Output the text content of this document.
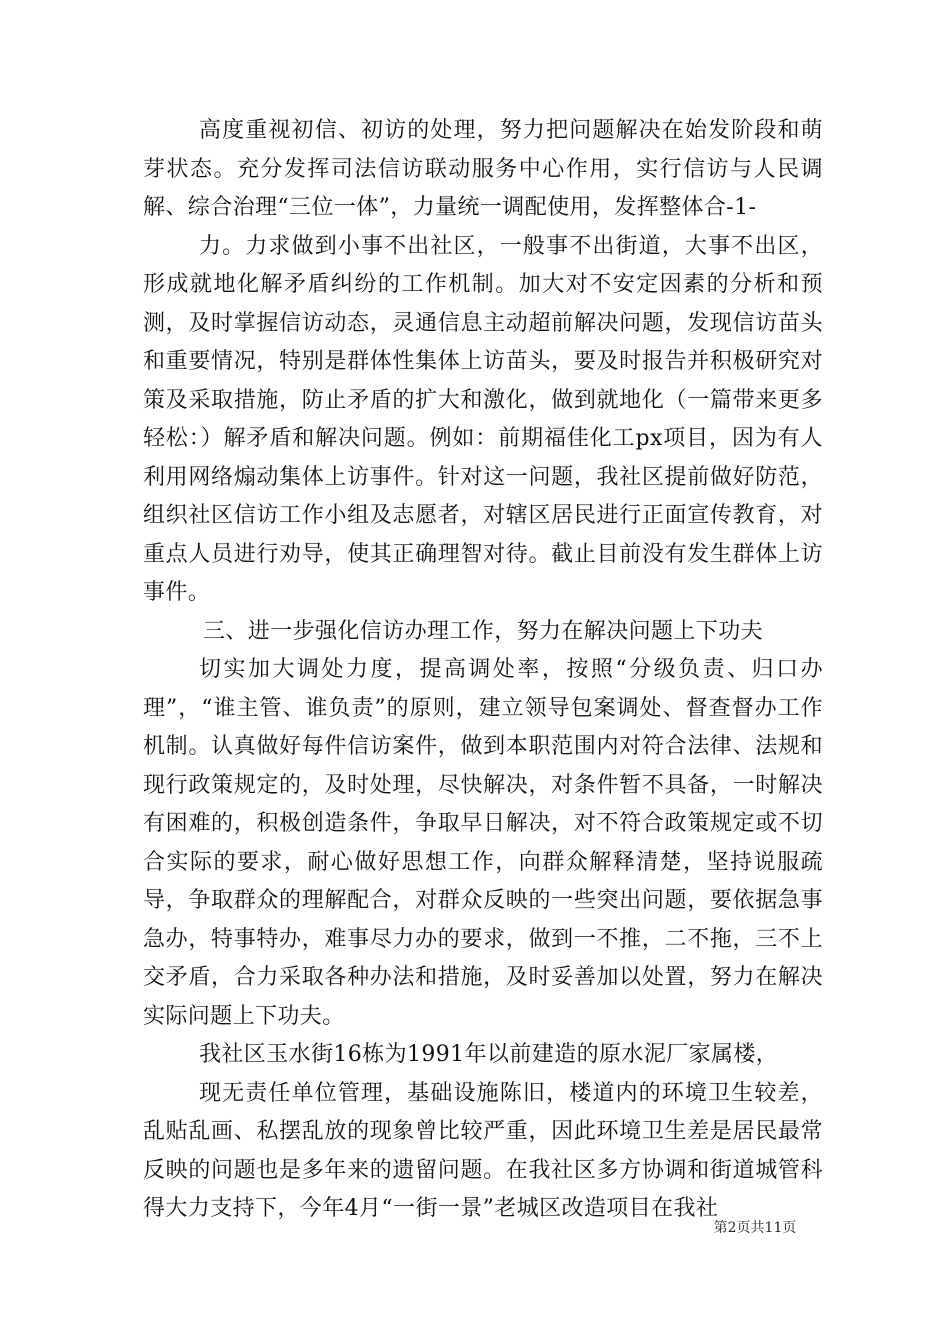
高度重视初信、初访的处理，努力把问题解决在始发阶段和萌芽状态。充分发挥司法信访联动服务中心作用，实行信访与人民调解、综合治理“三位一体”，力量统一调配使用，发挥整体合-1-

力。力求做到小事不出社区，一般事不出街道，大事不出区，形成就地化解矛盾纠纷的工作机制。加大对不安定因素的分析和预测，及时掌握信访动态，灵通信息主动超前解决问题，发现信访苗头和重要情况，特别是群体性集体上访苗头，要及时报告并积极研究对策及采取措施，防止矛盾的扩大和激化，做到就地化（一篇带来更多轻松：）解矛盾和解决问题。例如：前期福佳化工px项目，因为有人利用网络煽动集体上访事件。针对这一问题，我社区提前做好防范，组织社区信访工作小组及志愿者，对辖区居民进行正面宣传教育，对重点人员进行劝导，使其正确理智对待。截止目前没有发生群体上访事件。

三、进一步强化信访办理工作，努力在解决问题上下功夫

切实加大调处力度，提高调处率，按照“分级负责、归口办理”，“谁主管、谁负责”的原则，建立领导包案调处、督查督办工作机制。认真做好每件信访案件，做到本职范围内对符合法律、法规和现行政策规定的，及时处理，尽快解决，对条件暂不具备，一时解决有困难的，积极创造条件，争取早日解决，对不符合政策规定或不切合实际的要求，耐心做好思想工作，向群众解释清楚，坚持说服疏导，争取群众的理解配合，对群众反映的一些突出问题，要依据急事急办，特事特办，难事尽力办的要求，做到一不推，二不拖，三不上交矛盾，合力采取各种办法和措施，及时妥善加以处置，努力在解决实际问题上下功夫。

我社区玉水街16栋为1991年以前建造的原水泥厂家属楼，

现无责任单位管理，基础设施陈旧，楼道内的环境卫生较差，乱贴乱画、私摆乱放的现象曾比较严重，因此环境卫生差是居民最常反映的问题也是多年来的遗留问题。在我社区多方协调和街道城管科得大力支持下，今年4月“一街一景”老城区改造项目在我社

第2页共11页
